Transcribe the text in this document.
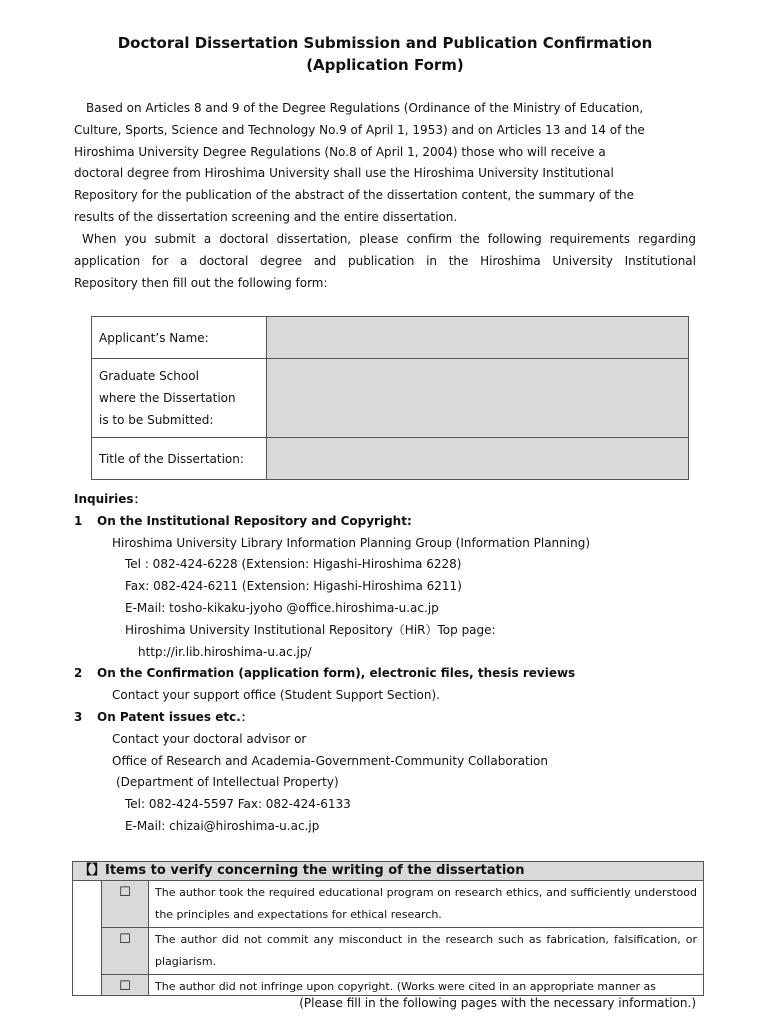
Doctoral Dissertation Submission and Publication Confirmation
(Application Form)
　Based on Articles 8 and 9 of the Degree Regulations (Ordinance of the Ministry of Education,
Culture, Sports, Science and Technology No.9 of April 1, 1953) and on Articles 13 and 14 of the
Hiroshima University Degree Regulations (No.8 of April 1, 2004) those who will receive a
doctoral degree from Hiroshima University shall use the Hiroshima University Institutional
Repository for the publication of the abstract of the dissertation content, the summary of the
results of the dissertation screening and the entire dissertation.
When you submit a doctoral dissertation, please confirm the following requirements regarding
application for a doctoral degree and publication in the Hiroshima University Institutional
Repository then fill out the following form:
Applicant’s Name:	

Graduate School
where the Dissertation
is to be Submitted:	

Title of the Dissertation:	
Inquiries：
1 On the Institutional Repository and Copyright:
Hiroshima University Library Information Planning Group (Information Planning)
Tel : 082-424-6228 (Extension: Higashi-Hiroshima 6228)
Fax: 082-424-6211 (Extension: Higashi-Hiroshima 6211)
E-Mail: tosho-kikaku-jyoho @office.hiroshima-u.ac.jp
Hiroshima University Institutional Repository（HiR）Top page:
http://ir.lib.hiroshima-u.ac.jp/
2 On the Confirmation (application form), electronic files, thesis reviews
Contact your support office (Student Support Section).
3 On Patent issues etc.：
Contact your doctoral advisor or
Office of Research and Academia-Government-Community Collaboration
(Department of Intellectual Property)
Tel: 082-424-5597 Fax: 082-424-6133
E-Mail: chizai@hiroshima-u.ac.jp
【】Items to verify concerning the writing of the dissertation		
	☐	The author took the required educational program on research ethics, and sufficiently understood the principles and expectations for ethical research.
	☐	The author did not commit any misconduct in the research such as fabrication, falsification, or plagiarism.
	☐	The author did not infringe upon copyright. (Works were cited in an appropriate manner as
(Please fill in the following pages with the necessary information.)
